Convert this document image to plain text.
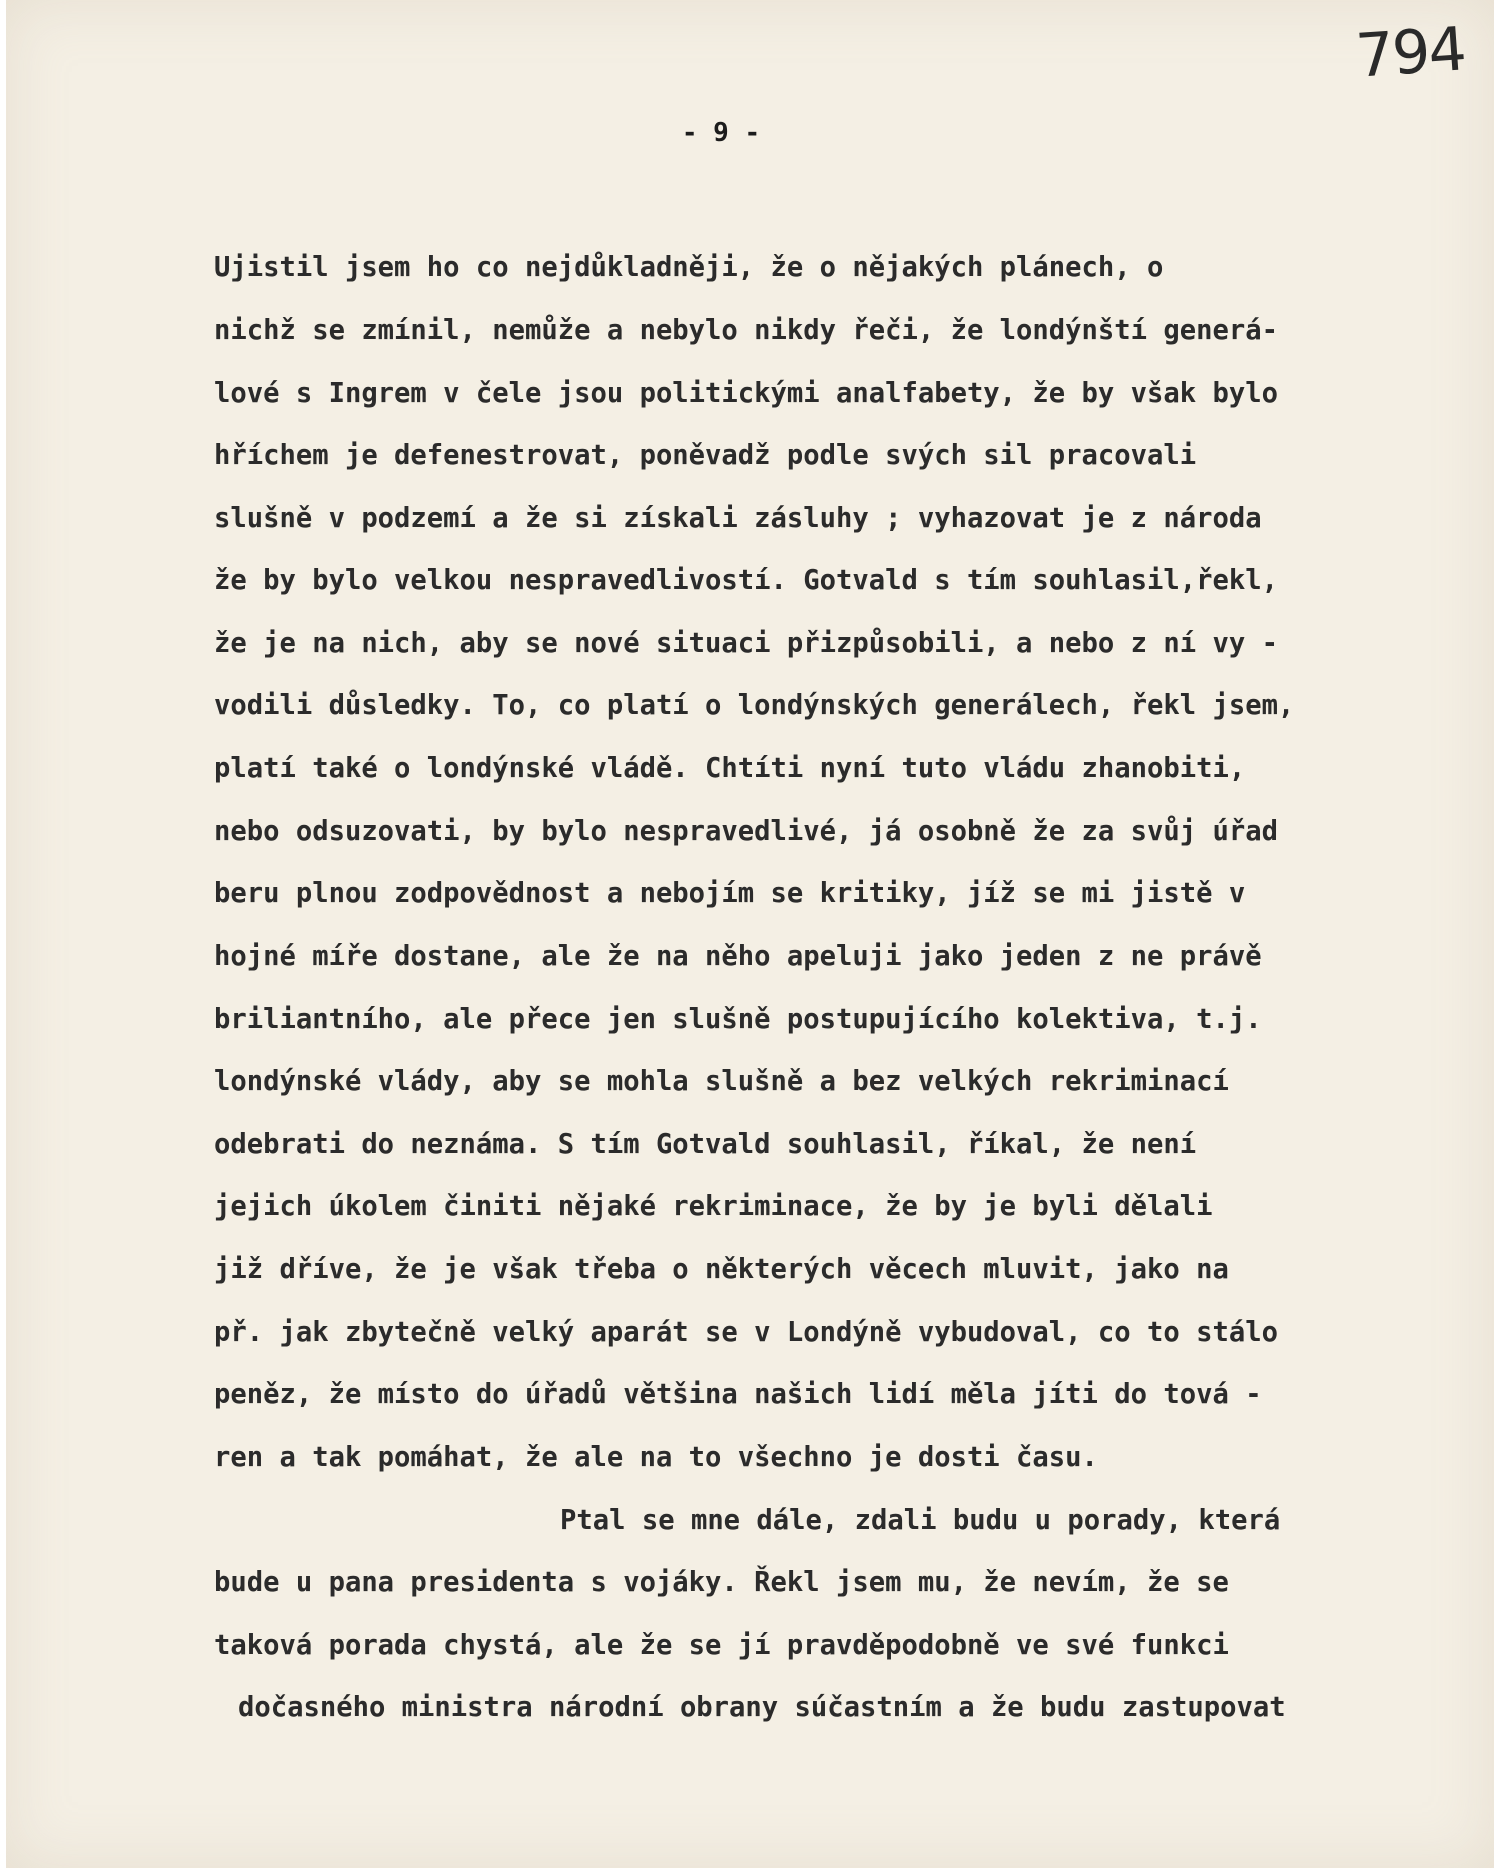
794
- 9 -
Ujistil jsem ho co nejdůkladněji, že o nějakých plánech, o
nichž se zmínil, nemůže a nebylo nikdy řeči, že londýnští generá-
lové s Ingrem v čele jsou politickými analfabety, že by však bylo
hříchem je defenestrovat, poněvadž podle svých sil pracovali
slušně v podzemí a že si získali zásluhy ; vyhazovat je z národa
že by bylo velkou nespravedlivostí. Gotvald s tím souhlasil,řekl,
že je na nich, aby se nové situaci přizpůsobili, a nebo z ní vy -
vodili důsledky. To, co platí o londýnských generálech, řekl jsem,
platí také o londýnské vládě. Chtíti nyní tuto vládu zhanobiti,
nebo odsuzovati, by bylo nespravedlivé, já osobně že za svůj úřad
beru plnou zodpovědnost a nebojím se kritiky, jíž se mi jistě v
hojné míře dostane, ale že na něho apeluji jako jeden z ne právě
briliantního, ale přece jen slušně postupujícího kolektiva, t.j.
londýnské vlády, aby se mohla slušně a bez velkých rekriminací
odebrati do neznáma. S tím Gotvald souhlasil, říkal, že není
jejich úkolem činiti nějaké rekriminace, že by je byli dělali
již dříve, že je však třeba o některých věcech mluvit, jako na
př. jak zbytečně velký aparát se v Londýně vybudoval, co to stálo
peněz, že místo do úřadů většina našich lidí měla jíti do tová -
ren a tak pomáhat, že ale na to všechno je dosti času.
Ptal se mne dále, zdali budu u porady, která
bude u pana presidenta s vojáky. Řekl jsem mu, že nevím, že se
taková porada chystá, ale že se jí pravděpodobně ve své funkci
dočasného ministra národní obrany súčastním a že budu zastupovat
